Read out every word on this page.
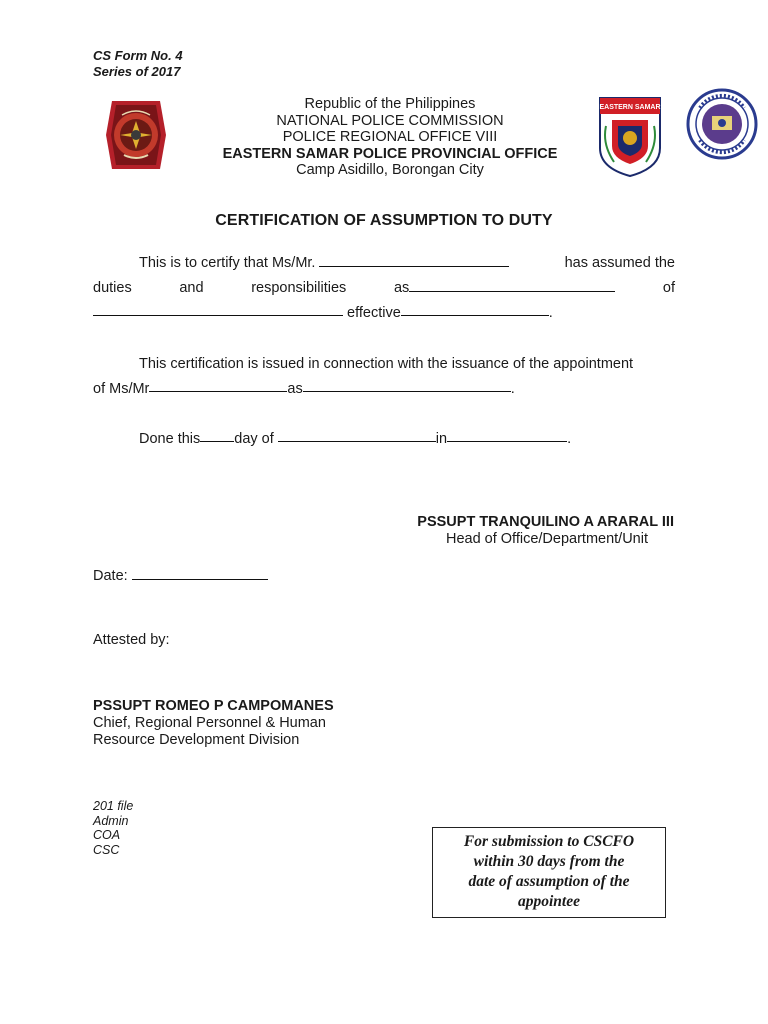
CS Form No. 4
Series of 2017
Republic of the Philippines
NATIONAL POLICE COMMISSION
POLICE REGIONAL OFFICE VIII
EASTERN SAMAR POLICE PROVINCIAL OFFICE
Camp Asidillo, Borongan City
EASTERN SAMAR
CERTIFICATION OF ASSUMPTION TO DUTY
This is to certify that Ms/Mr.	has assumed the
duties	and	responsibilities	as	of
effective	.
This certification is issued in connection with the issuance of the appointment
of Ms/Mr	as	.
Done this day of
	in	.
PSSUPT TRANQUILINO A ARARAL III
Head of Office/Department/Unit
Date:
Attested by:
PSSUPT ROMEO P CAMPOMANES
Chief, Regional Personnel & Human
Resource Development Division
201 file
Admin
COA
CSC	For submission to CSCFO
within 30 days from the
date of assumption of the
appointee
